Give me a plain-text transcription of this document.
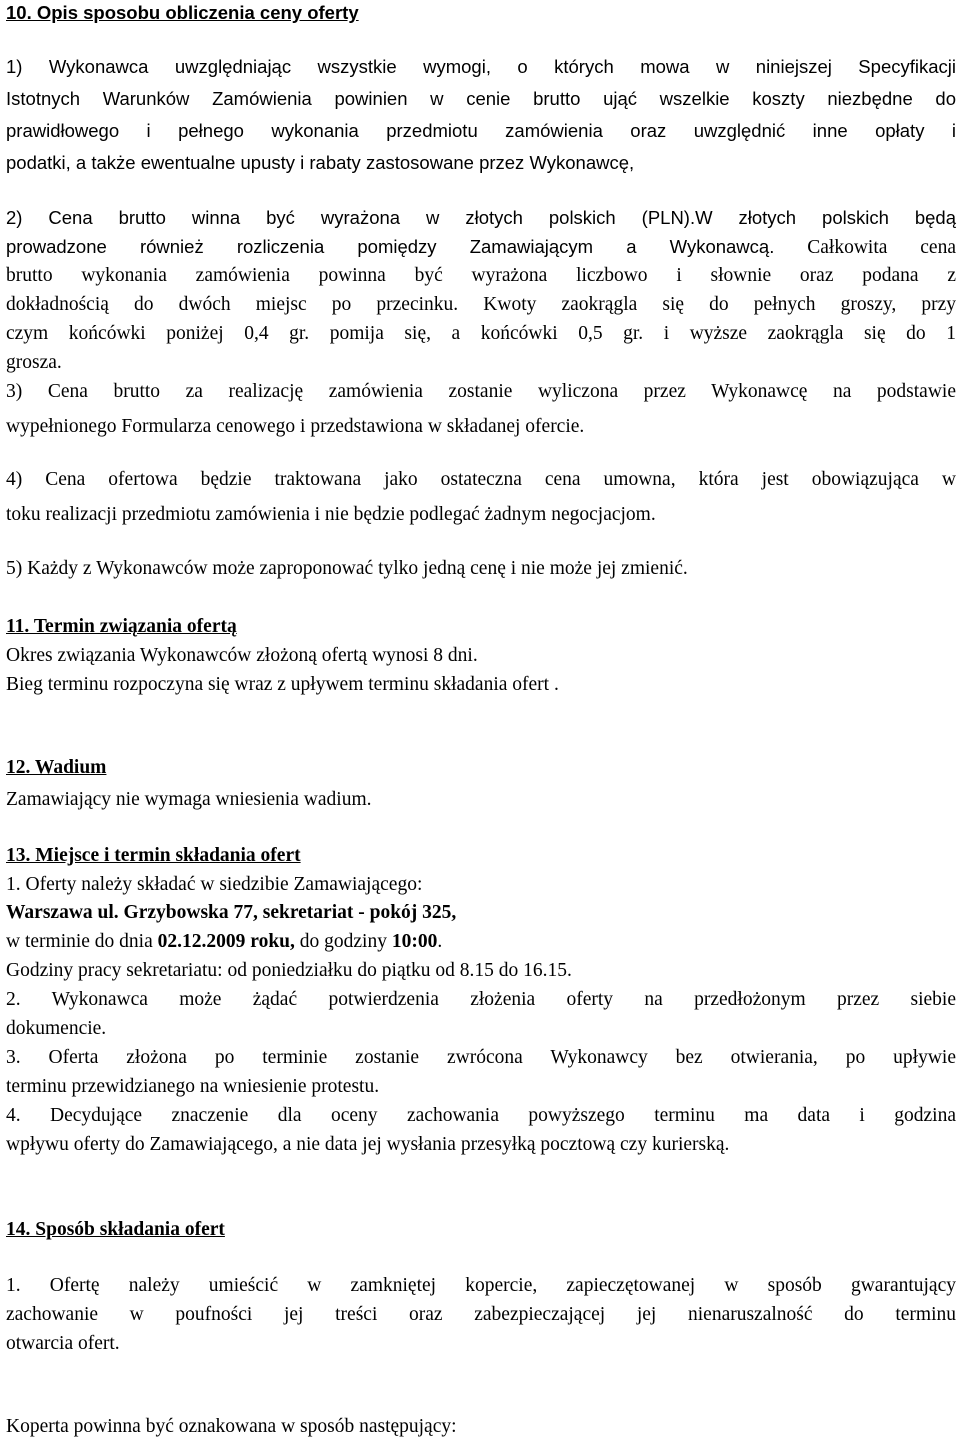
10. Opis sposobu obliczenia ceny oferty
1) Wykonawca uwzględniając wszystkie wymogi, o których mowa w niniejszej Specyfikacji
Istotnych Warunków Zamówienia powinien w cenie brutto ująć wszelkie koszty niezbędne do
prawidłowego i pełnego wykonania przedmiotu zamówienia oraz uwzględnić inne opłaty i
podatki, a także ewentualne upusty i rabaty zastosowane przez Wykonawcę,
2) Cena brutto winna być wyrażona w złotych polskich (PLN).W złotych polskich będą
prowadzone również rozliczenia pomiędzy Zamawiającym a Wykonawcą. Całkowita cena
brutto wykonania zamówienia powinna być wyrażona liczbowo i słownie oraz podana z
dokładnością do dwóch miejsc po przecinku. Kwoty zaokrągla się do pełnych groszy, przy
czym końcówki poniżej 0,4 gr. pomija się, a końcówki 0,5 gr. i wyższe zaokrągla się do 1
grosza.
3) Cena brutto za realizację zamówienia zostanie wyliczona przez Wykonawcę na podstawie
wypełnionego Formularza cenowego i przedstawiona w składanej ofercie.
4) Cena ofertowa będzie traktowana jako ostateczna cena umowna, która jest obowiązująca w
toku realizacji przedmiotu zamówienia i nie będzie podlegać żadnym negocjacjom.
5) Każdy z Wykonawców może zaproponować tylko jedną cenę i nie może jej zmienić.
11. Termin związania ofertą
Okres związania Wykonawców złożoną ofertą wynosi 8 dni.
Bieg terminu rozpoczyna się wraz z upływem terminu składania ofert .
12. Wadium
Zamawiający nie wymaga wniesienia wadium.
13. Miejsce i termin składania ofert
1. Oferty należy składać w siedzibie Zamawiającego:
Warszawa ul. Grzybowska 77, sekretariat - pokój 325,
w terminie do dnia 02.12.2009 roku, do godziny 10:00.
Godziny pracy sekretariatu: od poniedziałku do piątku od 8.15 do 16.15.
2. Wykonawca może żądać potwierdzenia złożenia oferty na przedłożonym przez siebie
dokumencie.
3. Oferta złożona po terminie zostanie zwrócona Wykonawcy bez otwierania, po upływie
terminu przewidzianego na wniesienie protestu.
4. Decydujące znaczenie dla oceny zachowania powyższego terminu ma data i godzina
wpływu oferty do Zamawiającego, a nie data jej wysłania przesyłką pocztową czy kurierską.
14. Sposób składania ofert
1. Ofertę należy umieścić w zamkniętej kopercie, zapieczętowanej w sposób gwarantujący
zachowanie w poufności jej treści oraz zabezpieczającej jej nienaruszalność do terminu
otwarcia ofert.
Koperta powinna być oznakowana w sposób następujący:
